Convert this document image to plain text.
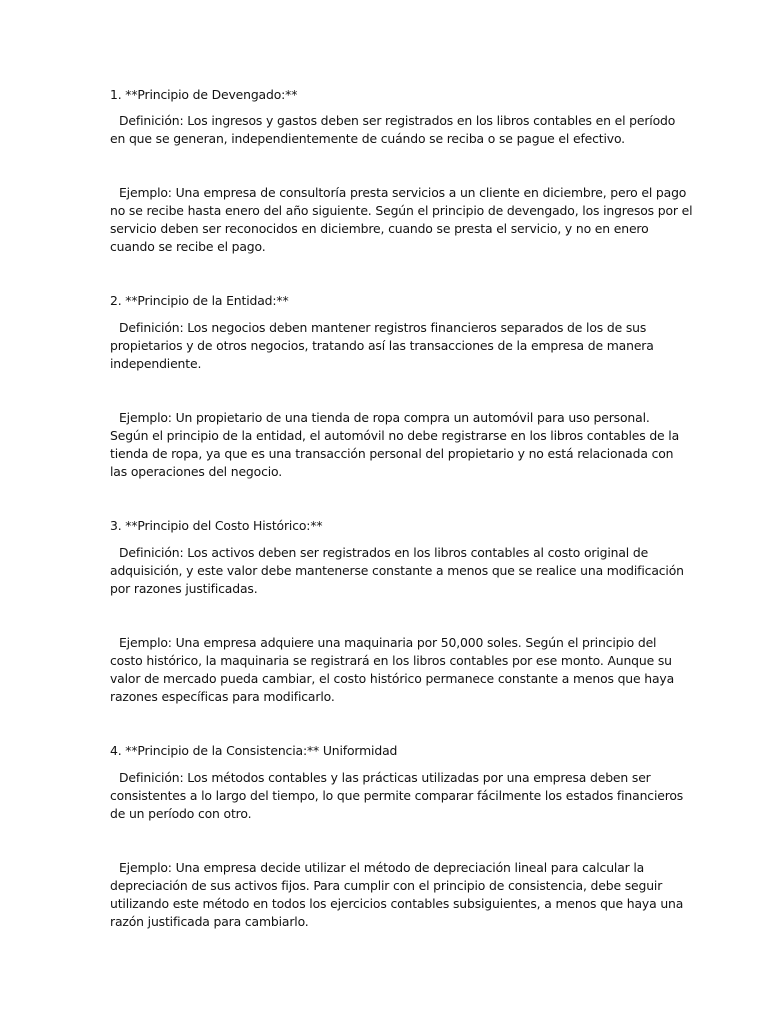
1. **Principio de Devengado:**
Definición: Los ingresos y gastos deben ser registrados en los libros contables en el período
en que se generan, independientemente de cuándo se reciba o se pague el efectivo.
Ejemplo: Una empresa de consultoría presta servicios a un cliente en diciembre, pero el pago
no se recibe hasta enero del año siguiente. Según el principio de devengado, los ingresos por el
servicio deben ser reconocidos en diciembre, cuando se presta el servicio, y no en enero
cuando se recibe el pago.
2. **Principio de la Entidad:**
Definición: Los negocios deben mantener registros financieros separados de los de sus
propietarios y de otros negocios, tratando así las transacciones de la empresa de manera
independiente.
Ejemplo: Un propietario de una tienda de ropa compra un automóvil para uso personal.
Según el principio de la entidad, el automóvil no debe registrarse en los libros contables de la
tienda de ropa, ya que es una transacción personal del propietario y no está relacionada con
las operaciones del negocio.
3. **Principio del Costo Histórico:**
Definición: Los activos deben ser registrados en los libros contables al costo original de
adquisición, y este valor debe mantenerse constante a menos que se realice una modificación
por razones justificadas.
Ejemplo: Una empresa adquiere una maquinaria por 50,000 soles. Según el principio del
costo histórico, la maquinaria se registrará en los libros contables por ese monto. Aunque su
valor de mercado pueda cambiar, el costo histórico permanece constante a menos que haya
razones específicas para modificarlo.
4. **Principio de la Consistencia:** Uniformidad
Definición: Los métodos contables y las prácticas utilizadas por una empresa deben ser
consistentes a lo largo del tiempo, lo que permite comparar fácilmente los estados financieros
de un período con otro.
Ejemplo: Una empresa decide utilizar el método de depreciación lineal para calcular la
depreciación de sus activos fijos. Para cumplir con el principio de consistencia, debe seguir
utilizando este método en todos los ejercicios contables subsiguientes, a menos que haya una
razón justificada para cambiarlo.
